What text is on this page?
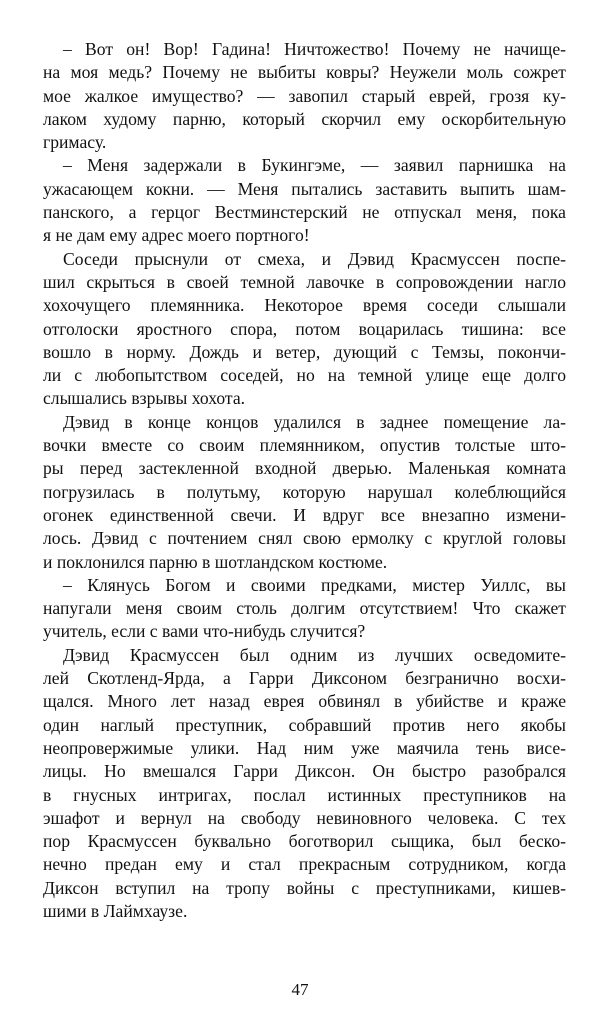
– Вот он! Вор! Гадина! Ничтожество! Почему не начище-
на моя медь? Почему не выбиты ковры? Неужели моль сожрет
мое жалкое имущество? — завопил старый еврей, грозя ку-
лаком худому парню, который скорчил ему оскорбительную
гримасу.
– Меня задержали в Букингэме, — заявил парнишка на
ужасающем кокни. — Меня пытались заставить выпить шам-
панского, а герцог Вестминстерский не отпускал меня, пока
я не дам ему адрес моего портного!
Соседи прыснули от смеха, и Дэвид Красмуссен поспе-
шил скрыться в своей темной лавочке в сопровождении нагло
хохочущего племянника. Некоторое время соседи слышали
отголоски яростного спора, потом воцарилась тишина: все
вошло в норму. Дождь и ветер, дующий с Темзы, покончи-
ли с любопытством соседей, но на темной улице еще долго
слышались взрывы хохота.
Дэвид в конце концов удалился в заднее помещение ла-
вочки вместе со своим племянником, опустив толстые што-
ры перед застекленной входной дверью. Маленькая комната
погрузилась в полутьму, которую нарушал колеблющийся
огонек единственной свечи. И вдруг все внезапно измени-
лось. Дэвид с почтением снял свою ермолку с круглой головы
и поклонился парню в шотландском костюме.
– Клянусь Богом и своими предками, мистер Уиллс, вы
напугали меня своим столь долгим отсутствием! Что скажет
учитель, если с вами что-нибудь случится?
Дэвид Красмуссен был одним из лучших осведомите-
лей Скотленд-Ярда, а Гарри Диксоном безгранично восхи-
щался. Много лет назад еврея обвинял в убийстве и краже
один наглый преступник, собравший против него якобы
неопровержимые улики. Над ним уже маячила тень висе-
лицы. Но вмешался Гарри Диксон. Он быстро разобрался
в гнусных интригах, послал истинных преступников на
эшафот и вернул на свободу невиновного человека. С тех
пор Красмуссен буквально боготворил сыщика, был беско-
нечно предан ему и стал прекрасным сотрудником, когда
Диксон вступил на тропу войны с преступниками, кишев-
шими в Лаймхаузе.
47
